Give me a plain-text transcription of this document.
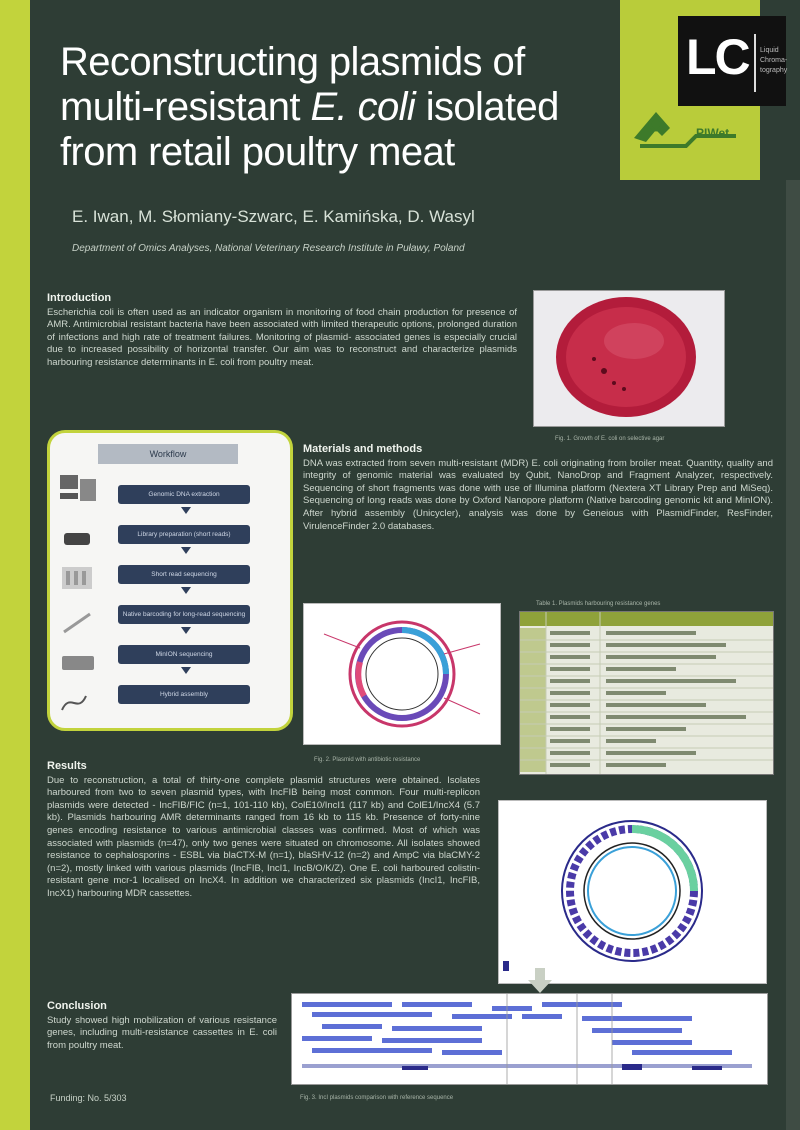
LC Liquid Chroma- tography
PIWet
Reconstructing plasmids of multi-resistant E. coli isolated from retail poultry meat
E. Iwan, M. Słomiany-Szwarc, E. Kamińska, D. Wasyl
Department of Omics Analyses, National Veterinary Research Institute in Puławy, Poland
Introduction

Escherichia coli is often used as an indicator organism in monitoring of food chain production for presence of AMR. Antimicrobial resistant bacteria have been associated with limited therapeutic options, prolonged duration of infections and high rate of treatment failures. Monitoring of plasmid- associated genes is especially crucial due to increased possibility of horizontal transfer. Our aim was to reconstruct and characterize plasmids harbouring resistance determinants in E. coli from poultry meat.

Fig. 1. Growth of E. coli on selective agar
Workflow
Genomic DNA extraction
Library preparation (short reads)
Short read sequencing
Native barcoding for long-read sequencing
MinION sequencing
Hybrid assembly
Materials and methods

DNA was extracted from seven multi-resistant (MDR) E. coli originating from broiler meat. Quantity, quality and integrity of genomic material was evaluated by Qubit, NanoDrop and Fragment Analyzer, respectively. Sequencing of short fragments was done with use of Illumina platform (Nextera XT Library Prep and MiSeq). Sequencing of long reads was done by Oxford Nanopore platform (Native barcoding genomic kit and MinION). After hybrid assembly (Unicycler), analysis was done by Geneious with PlasmidFinder, ResFinder, VirulenceFinder 2.0 databases.

Fig. 2. Plasmid with antibiotic resistance
Table 1. Plasmids harbouring resistance genes
Results

Due to reconstruction, a total of thirty-one complete plasmid structures were obtained. Isolates harboured from two to seven plasmid types, with IncFIB being most common. Four multi-replicon plasmids were detected - IncFIB/FIC (n=1, 101-110 kb), ColE10/IncI1 (117 kb) and ColE1/IncX4 (5.7 kb). Plasmids harbouring AMR determinants ranged from 16 kb to 115 kb. Presence of forty-nine genes encoding resistance to various antimicrobial classes was confirmed. Most of which was associated with plasmids (n=47), only two genes were situated on chromosome. All isolates showed resistance to cephalosporins - ESBL via blaCTX-M (n=1), blaSHV-12 (n=2) and AmpC via blaCMY-2 (n=2), mostly linked with various plasmids (IncFIB, IncI1, IncB/O/K/Z). One E. coli harboured colistin-resistant gene mcr-1 localised on IncX4. In addition we characterized six plasmids (IncI1, IncFIB, IncX1) harbouring MDR cassettes.

Conclusion

Study showed high mobilization of various resistance genes, including multi-resistance cassettes in E. coli from poultry meat.

Fig. 3. IncI plasmids comparison with reference sequence
Funding: No. 5/303
